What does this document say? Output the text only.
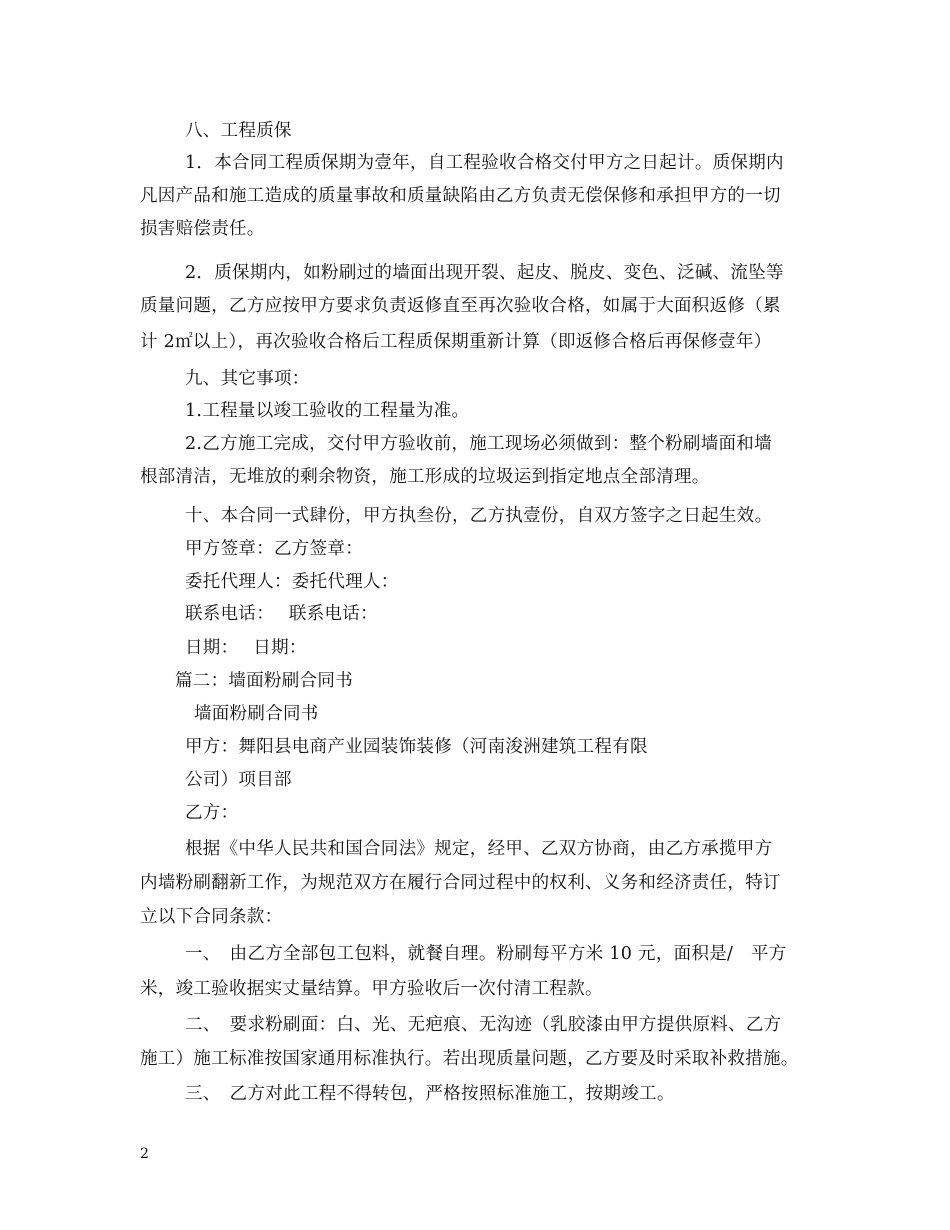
八、工程质保
1．本合同工程质保期为壹年，自工程验收合格交付甲方之日起计。质保期内
凡因产品和施工造成的质量事故和质量缺陷由乙方负责无偿保修和承担甲方的一切
损害赔偿责任。
2．质保期内，如粉刷过的墙面出现开裂、起皮、脱皮、变色、泛碱、流坠等
质量问题，乙方应按甲方要求负责返修直至再次验收合格，如属于大面积返修（累
计 2㎡以上），再次验收合格后工程质保期重新计算（即返修合格后再保修壹年）
九、其它事项：
1.工程量以竣工验收的工程量为准。
2.乙方施工完成，交付甲方验收前，施工现场必须做到：整个粉刷墙面和墙
根部清洁，无堆放的剩余物资，施工形成的垃圾运到指定地点全部清理。
十、本合同一式肆份，甲方执叁份，乙方执壹份，自双方签字之日起生效。
甲方签章：乙方签章：
委托代理人：委托代理人：
联系电话：　 联系电话：
日期：　 日期：
篇二：墙面粉刷合同书
墙面粉刷合同书
甲方：舞阳县电商产业园装饰装修（河南浚洲建筑工程有限
公司）项目部
乙方：
根据《中华人民共和国合同法》规定，经甲、乙双方协商，由乙方承揽甲方
内墙粉刷翻新工作，为规范双方在履行合同过程中的权利、义务和经济责任，特订
立以下合同条款：
一、　由乙方全部包工包料，就餐自理。粉刷每平方米 10 元，面积是/　平方
米，竣工验收据实丈量结算。甲方验收后一次付清工程款。
二、　要求粉刷面：白、光、无疤痕、无沟迹（乳胶漆由甲方提供原料、乙方
施工）施工标准按国家通用标准执行。若出现质量问题，乙方要及时采取补救措施。
三、　乙方对此工程不得转包，严格按照标准施工，按期竣工。
2
